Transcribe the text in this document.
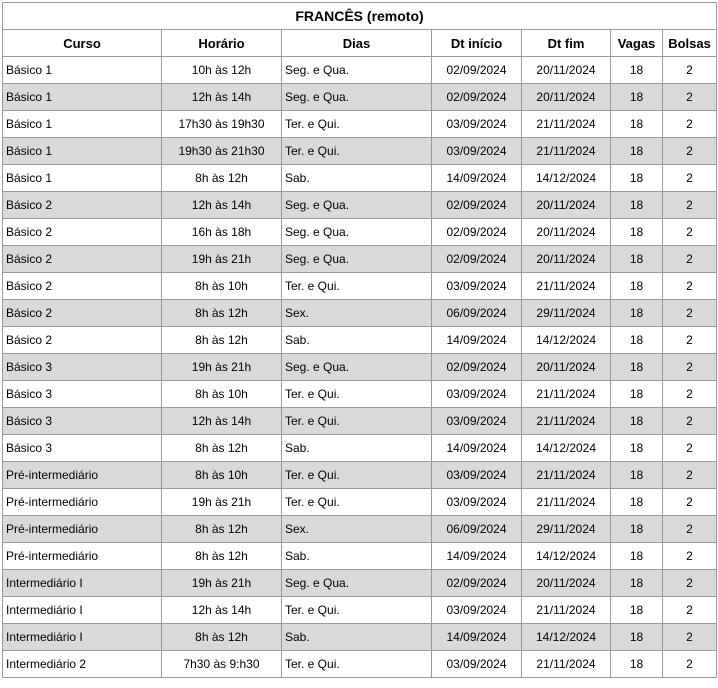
FRANCÊS (remoto)						
Curso	Horário	Dias	Dt início	Dt fim	Vagas	Bolsas
Básico 1	10h às 12h	Seg. e Qua.	02/09/2024	20/11/2024	18	2
Básico 1	12h às 14h	Seg. e Qua.	02/09/2024	20/11/2024	18	2
Básico 1	17h30 às 19h30	Ter. e Qui.	03/09/2024	21/11/2024	18	2
Básico 1	19h30 às 21h30	Ter. e Qui.	03/09/2024	21/11/2024	18	2
Básico 1	8h às 12h	Sab.	14/09/2024	14/12/2024	18	2
Básico 2	12h às 14h	Seg. e Qua.	02/09/2024	20/11/2024	18	2
Básico 2	16h às 18h	Seg. e Qua.	02/09/2024	20/11/2024	18	2
Básico 2	19h às 21h	Seg. e Qua.	02/09/2024	20/11/2024	18	2
Básico 2	8h às 10h	Ter. e Qui.	03/09/2024	21/11/2024	18	2
Básico 2	8h às 12h	Sex.	06/09/2024	29/11/2024	18	2
Básico 2	8h às 12h	Sab.	14/09/2024	14/12/2024	18	2
Básico 3	19h às 21h	Seg. e Qua.	02/09/2024	20/11/2024	18	2
Básico 3	8h às 10h	Ter. e Qui.	03/09/2024	21/11/2024	18	2
Básico 3	12h às 14h	Ter. e Qui.	03/09/2024	21/11/2024	18	2
Básico 3	8h às 12h	Sab.	14/09/2024	14/12/2024	18	2
Pré-intermediário	8h às 10h	Ter. e Qui.	03/09/2024	21/11/2024	18	2
Pré-intermediário	19h às 21h	Ter. e Qui.	03/09/2024	21/11/2024	18	2
Pré-intermediário	8h às 12h	Sex.	06/09/2024	29/11/2024	18	2
Pré-intermediário	8h às 12h	Sab.	14/09/2024	14/12/2024	18	2
Intermediário I	19h às 21h	Seg. e Qua.	02/09/2024	20/11/2024	18	2
Intermediário I	12h às 14h	Ter. e Qui.	03/09/2024	21/11/2024	18	2
Intermediário I	8h às 12h	Sab.	14/09/2024	14/12/2024	18	2
Intermediário 2	7h30 às 9:h30	Ter. e Qui.	03/09/2024	21/11/2024	18	2
